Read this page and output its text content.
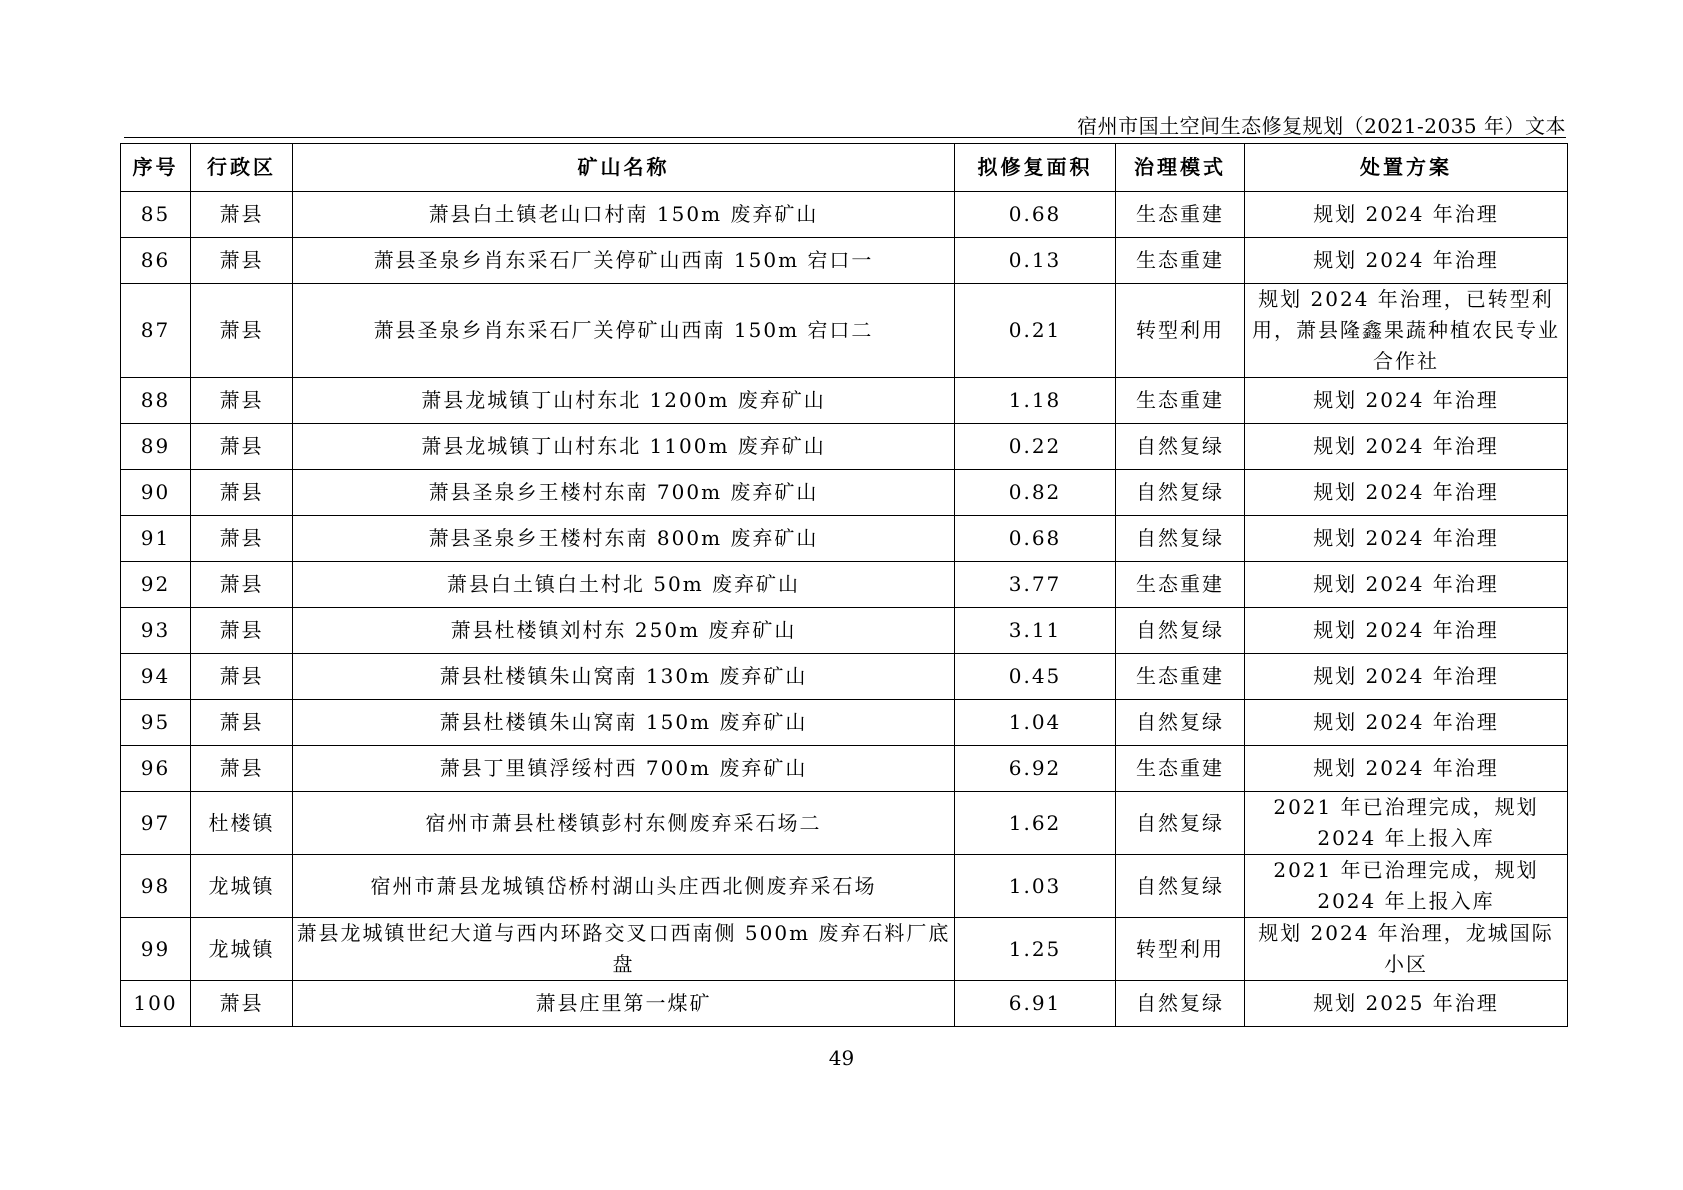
宿州市国土空间生态修复规划（2021-2035 年）文本
序号	行政区	矿山名称	拟修复面积	治理模式	处置方案
85	萧县	萧县白土镇老山口村南 150m 废弃矿山	0.68	生态重建	规划 2024 年治理
86	萧县	萧县圣泉乡肖东采石厂关停矿山西南 150m 宕口一	0.13	生态重建	规划 2024 年治理
87	萧县	萧县圣泉乡肖东采石厂关停矿山西南 150m 宕口二	0.21	转型利用	规划 2024 年治理，已转型利用，萧县隆鑫果蔬种植农民专业合作社
88	萧县	萧县龙城镇丁山村东北 1200m 废弃矿山	1.18	生态重建	规划 2024 年治理
89	萧县	萧县龙城镇丁山村东北 1100m 废弃矿山	0.22	自然复绿	规划 2024 年治理
90	萧县	萧县圣泉乡王楼村东南 700m 废弃矿山	0.82	自然复绿	规划 2024 年治理
91	萧县	萧县圣泉乡王楼村东南 800m 废弃矿山	0.68	自然复绿	规划 2024 年治理
92	萧县	萧县白土镇白土村北 50m 废弃矿山	3.77	生态重建	规划 2024 年治理
93	萧县	萧县杜楼镇刘村东 250m 废弃矿山	3.11	自然复绿	规划 2024 年治理
94	萧县	萧县杜楼镇朱山窝南 130m 废弃矿山	0.45	生态重建	规划 2024 年治理
95	萧县	萧县杜楼镇朱山窝南 150m 废弃矿山	1.04	自然复绿	规划 2024 年治理
96	萧县	萧县丁里镇浮绥村西 700m 废弃矿山	6.92	生态重建	规划 2024 年治理
97	杜楼镇	宿州市萧县杜楼镇彭村东侧废弃采石场二	1.62	自然复绿	2021 年已治理完成，规划 2024 年上报入库
98	龙城镇	宿州市萧县龙城镇岱桥村湖山头庄西北侧废弃采石场	1.03	自然复绿	2021 年已治理完成，规划 2024 年上报入库
99	龙城镇	萧县龙城镇世纪大道与西内环路交叉口西南侧 500m 废弃石料厂底盘	1.25	转型利用	规划 2024 年治理，龙城国际小区
100	萧县	萧县庄里第一煤矿	6.91	自然复绿	规划 2025 年治理
49
